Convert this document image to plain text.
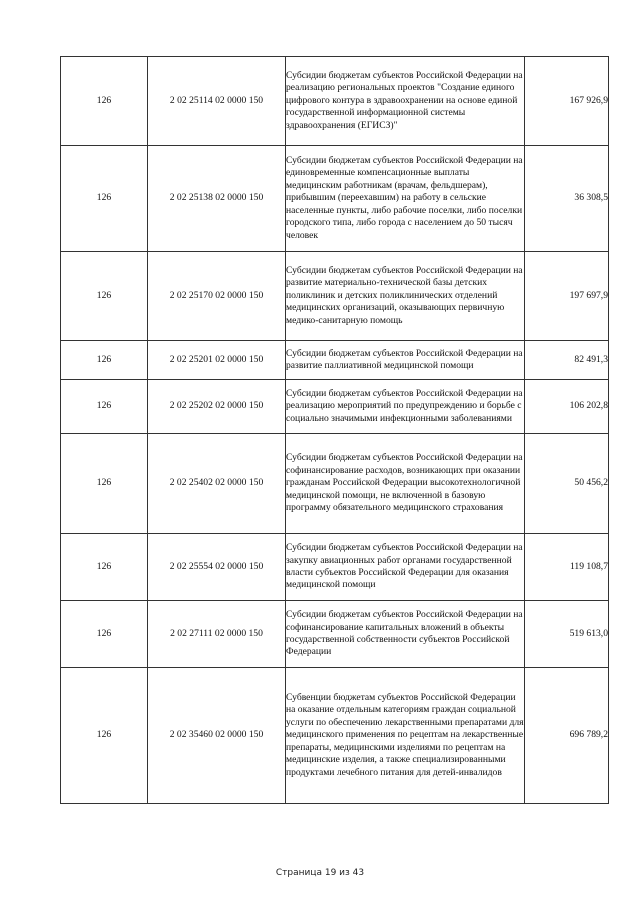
126	2 02 25114 02 0000 150	Субсидии бюджетам субъектов Российской Федерации на реализацию региональных проектов "Создание единого цифрового контура в здравоохранении на основе единой государственной информационной системы здравоохранения (ЕГИСЗ)"	167 926,9
126	2 02 25138 02 0000 150	Субсидии бюджетам субъектов Российской Федерации на единовременные компенсационные выплаты медицинским работникам (врачам, фельдшерам), прибывшим (переехавшим) на работу в сельские населенные пункты, либо рабочие поселки, либо поселки городского типа, либо города с населением до 50 тысяч человек	36 308,5
126	2 02 25170 02 0000 150	Субсидии бюджетам субъектов Российской Федерации на развитие материально-технической базы детских поликлиник и детских поликлинических отделений медицинских организаций, оказывающих первичную медико-санитарную помощь	197 697,9
126	2 02 25201 02 0000 150	Субсидии бюджетам субъектов Российской Федерации на развитие паллиативной медицинской помощи	82 491,3
126	2 02 25202 02 0000 150	Субсидии бюджетам субъектов Российской Федерации на реализацию мероприятий по предупреждению и борьбе с социально значимыми инфекционными заболеваниями	106 202,8
126	2 02 25402 02 0000 150	Субсидии бюджетам субъектов Российской Федерации на софинансирование расходов, возникающих при оказании гражданам Российской Федерации высокотехнологичной медицинской помощи, не включенной в базовую программу обязательного медицинского страхования	50 456,2
126	2 02 25554 02 0000 150	Субсидии бюджетам субъектов Российской Федерации на закупку авиационных работ органами государственной власти субъектов Российской Федерации для оказания медицинской помощи	119 108,7
126	2 02 27111 02 0000 150	Субсидии бюджетам субъектов Российской Федерации на софинансирование капитальных вложений в объекты государственной собственности субъектов Российской Федерации	519 613,0
126	2 02 35460 02 0000 150	Субвенции бюджетам субъектов Российской Федерации на оказание отдельным категориям граждан социальной услуги по обеспечению лекарственными препаратами для медицинского применения по рецептам на лекарственные препараты, медицинскими изделиями по рецептам на медицинские изделия, а также специализированными продуктами лечебного питания для детей-инвалидов	696 789,2
Страница 19 из 43
